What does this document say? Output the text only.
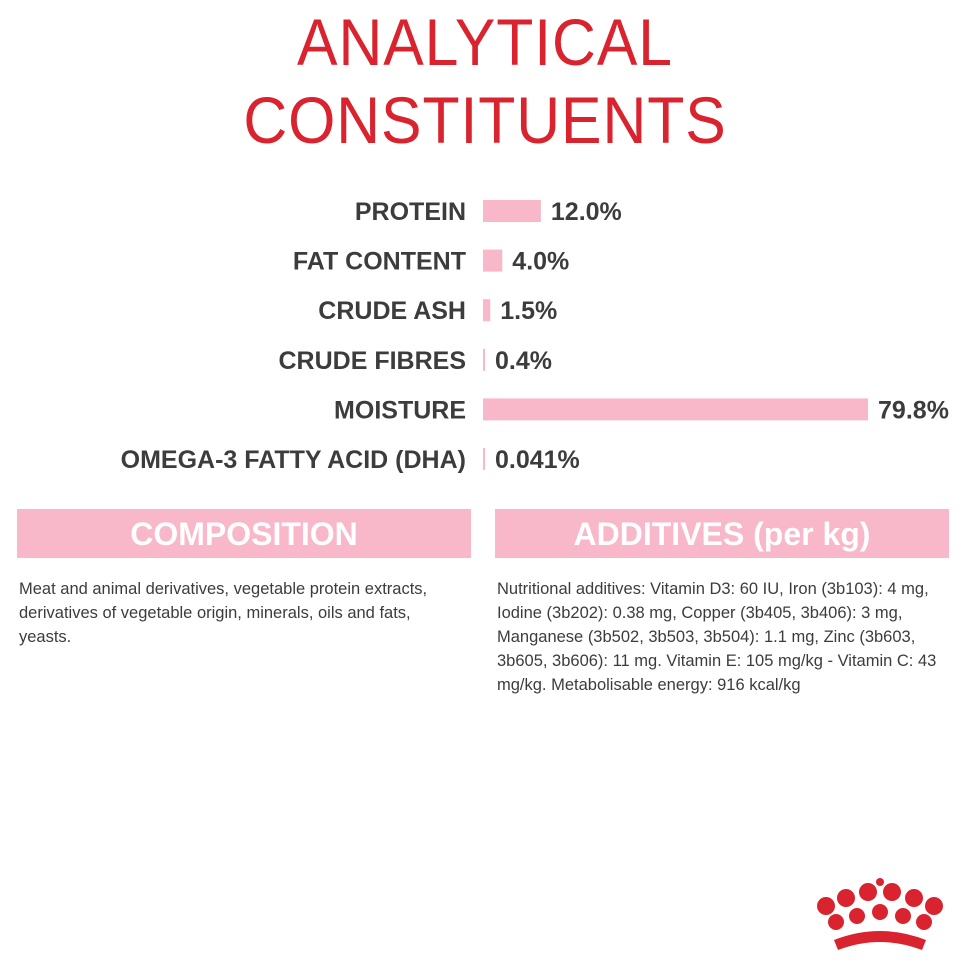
ANALYTICAL
CONSTITUENTS
PROTEIN	12.0%
FAT CONTENT 4.0%
CRUDE ASH 1.5%
CRUDE FIBRES 0.4%
MOISTURE	79.8%
OMEGA-3 FATTY ACID (DHA) 0.041%
COMPOSITION	ADDITIVES (per kg)
Meat and animal derivatives, vegetable protein extracts, derivatives of vegetable origin, minerals, oils and fats, yeasts.
Nutritional additives: Vitamin D3: 60 IU, Iron (3b103): 4 mg, Iodine (3b202): 0.38 mg, Copper (3b405, 3b406): 3 mg, Manganese (3b502, 3b503, 3b504): 1.1 mg, Zinc (3b603, 3b605, 3b606): 11 mg. Vitamin E: 105 mg/kg - Vitamin C: 43 mg/kg. Metabolisable energy: 916 kcal/kg
